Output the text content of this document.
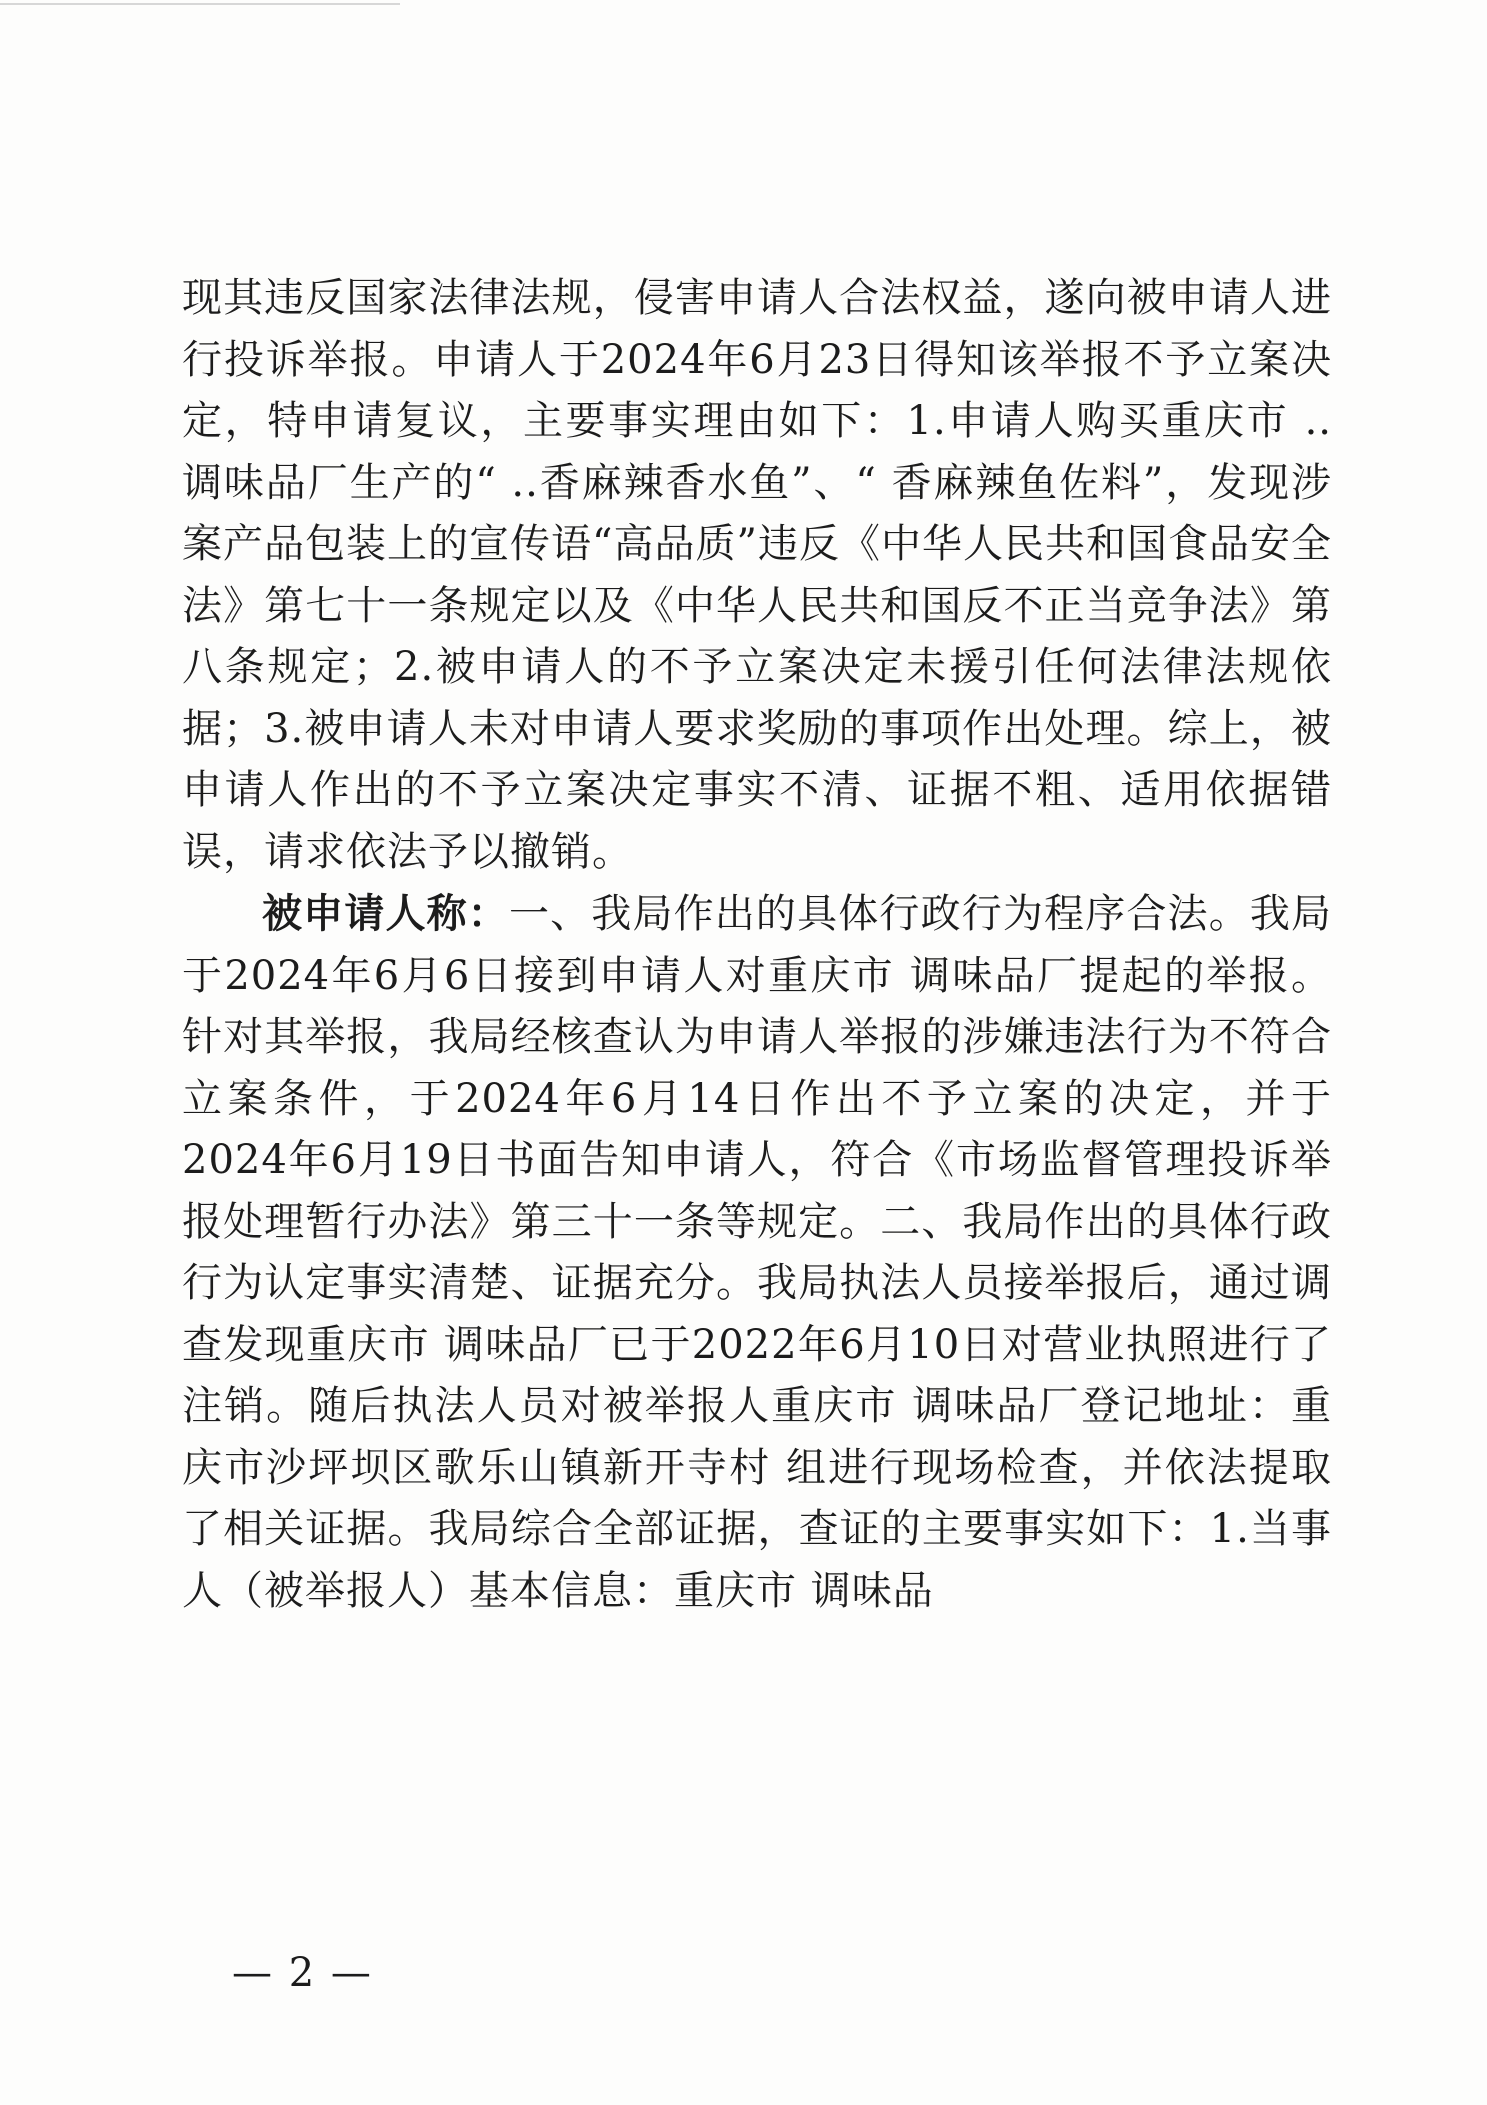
现其违反国家法律法规，侵害申请人合法权益，遂向被申请人进行投诉举报。申请人于2024年6月23日得知该举报不予立案决定，特申请复议，主要事实理由如下：1.申请人购买重庆市 .. 调味品厂生产的“ ..香麻辣香水鱼”、“ 香麻辣鱼佐料”，发现涉案产品包装上的宣传语“高品质”违反《中华人民共和国食品安全法》第七十一条规定以及《中华人民共和国反不正当竞争法》第八条规定；2.被申请人的不予立案决定未援引任何法律法规依据；3.被申请人未对申请人要求奖励的事项作出处理。综上，被申请人作出的不予立案决定事实不清、证据不粗、适用依据错误，请求依法予以撤销。

被申请人称：一、我局作出的具体行政行为程序合法。我局于2024年6月6日接到申请人对重庆市 调味品厂提起的举报。针对其举报，我局经核查认为申请人举报的涉嫌违法行为不符合立案条件，于2024年6月14日作出不予立案的决定，并于2024年6月19日书面告知申请人，符合《市场监督管理投诉举报处理暂行办法》第三十一条等规定。二、我局作出的具体行政行为认定事实清楚、证据充分。我局执法人员接举报后，通过调查发现重庆市 调味品厂已于2022年6月10日对营业执照进行了注销。随后执法人员对被举报人重庆市 调味品厂登记地址：重庆市沙坪坝区歌乐山镇新开寺村 组进行现场检查，并依法提取了相关证据。我局综合全部证据，查证的主要事实如下：1.当事人（被举报人）基本信息：重庆市 调味品

— 2 —
